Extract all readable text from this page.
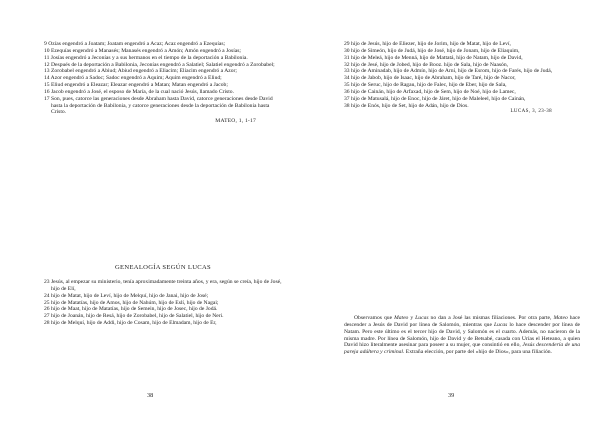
9 Ozías engendró a Joatam; Joatam engendró a Acaz; Acaz engendró a Ezequías;

10 Ezequías engendró a Manasés; Manasés engendró a Amón; Amón engendró a Josías;

11 Josías engendró a Jeconías y a sus hermanos en el tiempo de la deportación a Babilonia.

12 Después de la deportación a Babilonia, Jeconías engendró a Salatiel; Salatiel engendró a Zorobabel;

13 Zorobabel engendró a Abiud; Abiud engendró a Eliacim; Eliacim engendró a Azor;

14 Azor engendró a Sadoc; Sadoc engendró a Aquim; Aquim engendró a Eliud;

15 Eliud engendró a Eleazar; Eleazar engendró a Matan; Matan engendró a Jacob;

16 Jacob engendró a José, el esposo de María, de la cual nació Jesús, llamado Cristo.

17 Son, pues, catorce las generaciones desde Abraham hasta David, catorce generaciones desde David hasta la deportación de Babilonia, y catorce generaciones desde la deportación de Babilonia hasta Cristo.

MATEO, 1, 1-17
GENEALOGÍA SEGÚN LUCAS

23 Jesús, al empezar su ministerio, tenía aproximadamente treinta años, y era, según se creía, hijo de José, hijo de Elí,

24 hijo de Matat, hijo de Leví, hijo de Melquí, hijo de Janai, hijo de José;

25 hijo de Matatías, hijo de Amos, hijo de Nahúm, hijo de Eslí, hijo de Nagai;

26 hijo de Maat, hijo de Matatías, hijo de Semein, hijo de Josec, hijo de Jodá.

27 hijo de Joanán, hijo de Resá, hijo de Zorobabel, hijo de Salatiel, hijo de Neri.

28 hijo de Melquí, hijo de Addi, hijo de Cosam, hijo de Elmadam, hijo de Er,

38

29 hijo de Jesús, hijo de Eliezer, hijo de Jorim, hijo de Matat, hijo de Leví,

30 hijo de Simeón, hijo de Judá, hijo de José, hijo de Jonam, hijo de Eliaquim,

31 hijo de Meleá, hijo de Menná, hijo de Mattatá, hijo de Natam, hijo de David,

32 hijo de Jesé, hijo de Jobed, hijo de Booz. hijo de Sala, hijo de Naasón,

33 hijo de Aminadab, hijo de Admín, hijo de Arní, hijo de Esrom, hijo de Farés, hijo de Judá,

34 hijo de Jabob, hijo de Isaac, hijo de Abraham, hijo de Taré, hijo de Nacor,

35 hijo de Seruc, hijo de Ragau, hijo de Falec, hijo de Eber, hijo de Sala,

36 hijo de Cainán, hijo de Arfaxad, hijo de Sem, hijo de Noé, hijo de Lamec,

37 hijo de Matusalá, hijo de Enoc, hijo de Járet, hijo de Maleleel, hijo de Cainán,

38 hijo de Enós, hijo de Set, hijo de Adán, hijo de Dios.

LUCAS, 3, 23-38

Observamos que Mateo y Lucas no dan a José las mismas filiaciones. Por otra parte, Mateo hace descender a Jesús de David por línea de Salomón, mientras que Lucas lo hace descender por línea de Natam. Pero este último es el tercer hijo de David, y Salomón es el cuarto. Además, no nacieron de la misma madre. Por línea de Salomón, hijo de David y de Betsabé, casada con Urías el Heteano, a quien David hizo literalmente asesinar para poseer a su mujer, que consintió en ello, Jesús descendería de una pareja adúltera y criminal. Extraña elección, por parte del «hijo de Dios», para una filiación.

39
